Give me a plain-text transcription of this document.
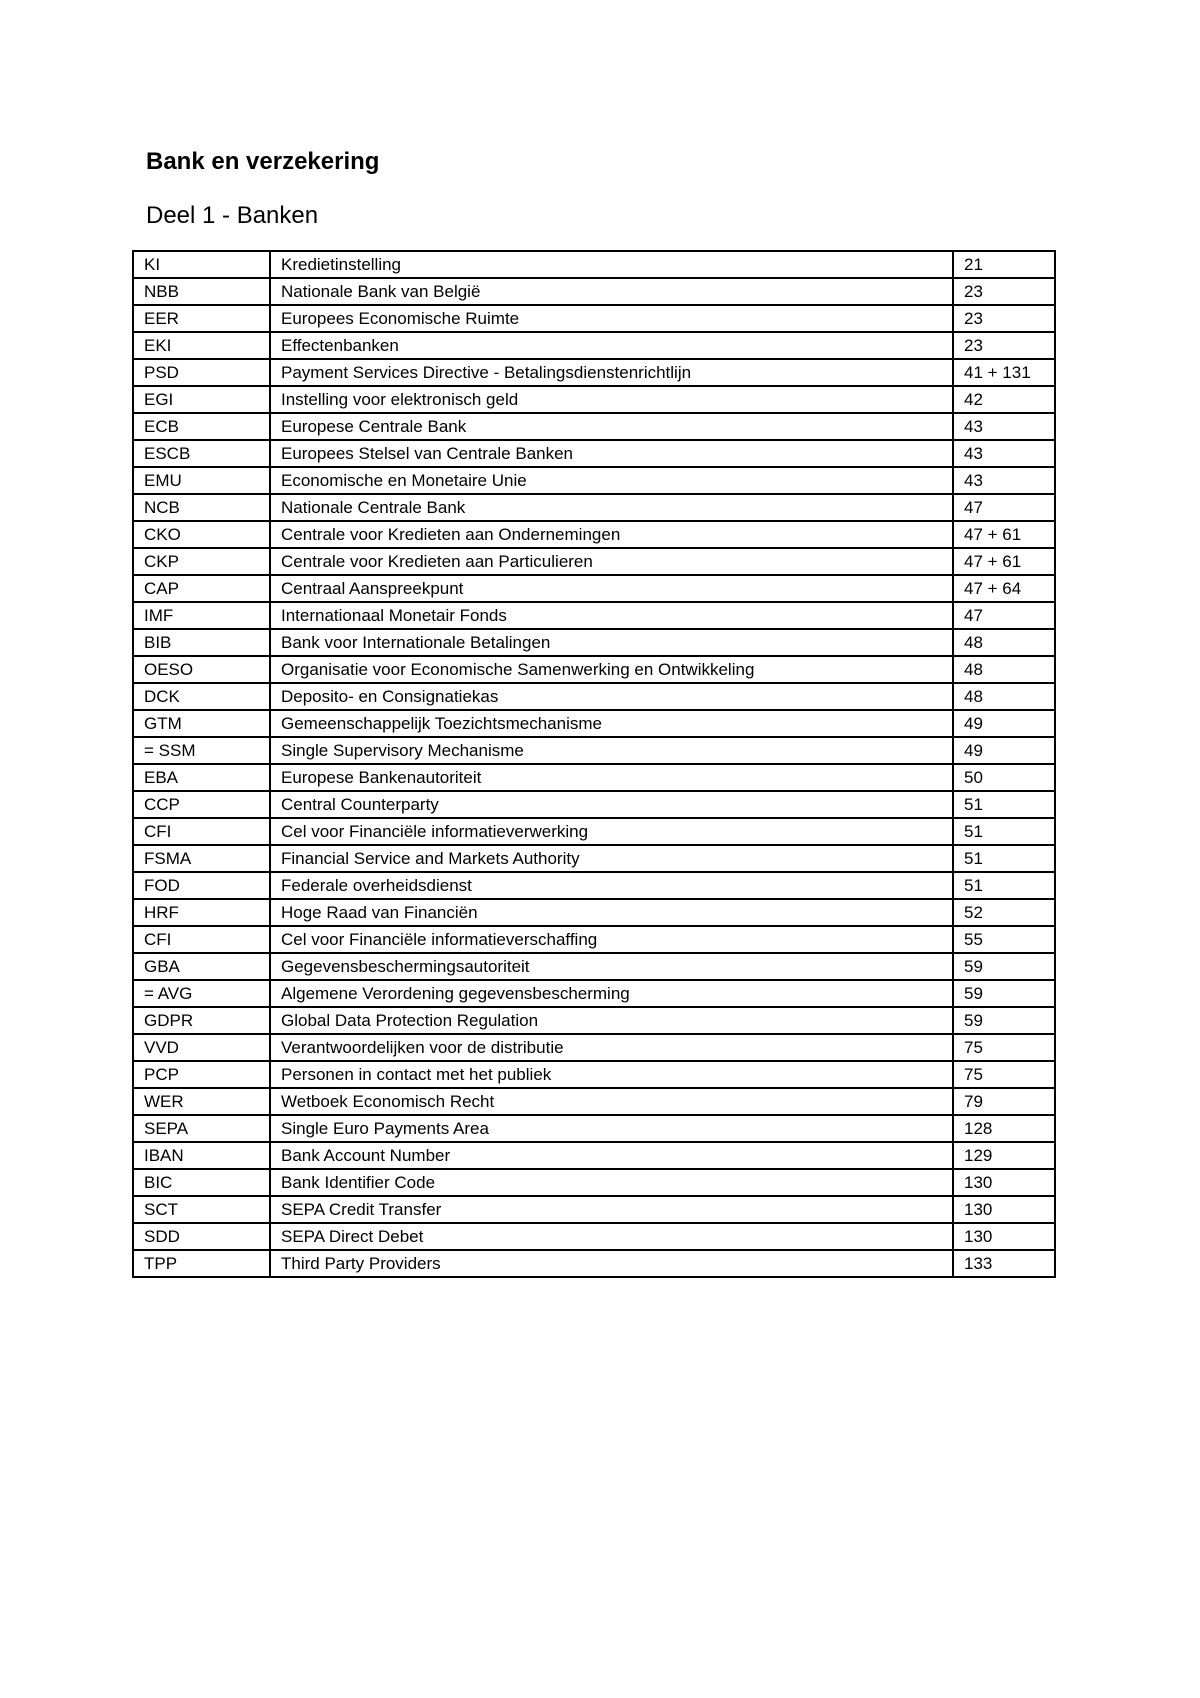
Bank en verzekering
Deel 1 - Banken
KI	Kredietinstelling	21
NBB	Nationale Bank van België	23
EER	Europees Economische Ruimte	23
EKI	Effectenbanken	23
PSD	Payment Services Directive - Betalingsdienstenrichtlijn	41 + 131
EGI	Instelling voor elektronisch geld	42
ECB	Europese Centrale Bank	43
ESCB	Europees Stelsel van Centrale Banken	43
EMU	Economische en Monetaire Unie	43
NCB	Nationale Centrale Bank	47
CKO	Centrale voor Kredieten aan Ondernemingen	47 + 61
CKP	Centrale voor Kredieten aan Particulieren	47 + 61
CAP	Centraal Aanspreekpunt	47 + 64
IMF	Internationaal Monetair Fonds	47
BIB	Bank voor Internationale Betalingen	48
OESO	Organisatie voor Economische Samenwerking en Ontwikkeling	48
DCK	Deposito- en Consignatiekas	48
GTM	Gemeenschappelijk Toezichtsmechanisme	49
= SSM	Single Supervisory Mechanisme	49
EBA	Europese Bankenautoriteit	50
CCP	Central Counterparty	51
CFI	Cel voor Financiële informatieverwerking	51
FSMA	Financial Service and Markets Authority	51
FOD	Federale overheidsdienst	51
HRF	Hoge Raad van Financiën	52
CFI	Cel voor Financiële informatieverschaffing	55
GBA	Gegevensbeschermingsautoriteit	59
= AVG	Algemene Verordening gegevensbescherming	59
GDPR	Global Data Protection Regulation	59
VVD	Verantwoordelijken voor de distributie	75
PCP	Personen in contact met het publiek	75
WER	Wetboek Economisch Recht	79
SEPA	Single Euro Payments Area	128
IBAN	Bank Account Number	129
BIC	Bank Identifier Code	130
SCT	SEPA Credit Transfer	130
SDD	SEPA Direct Debet	130
TPP	Third Party Providers	133
